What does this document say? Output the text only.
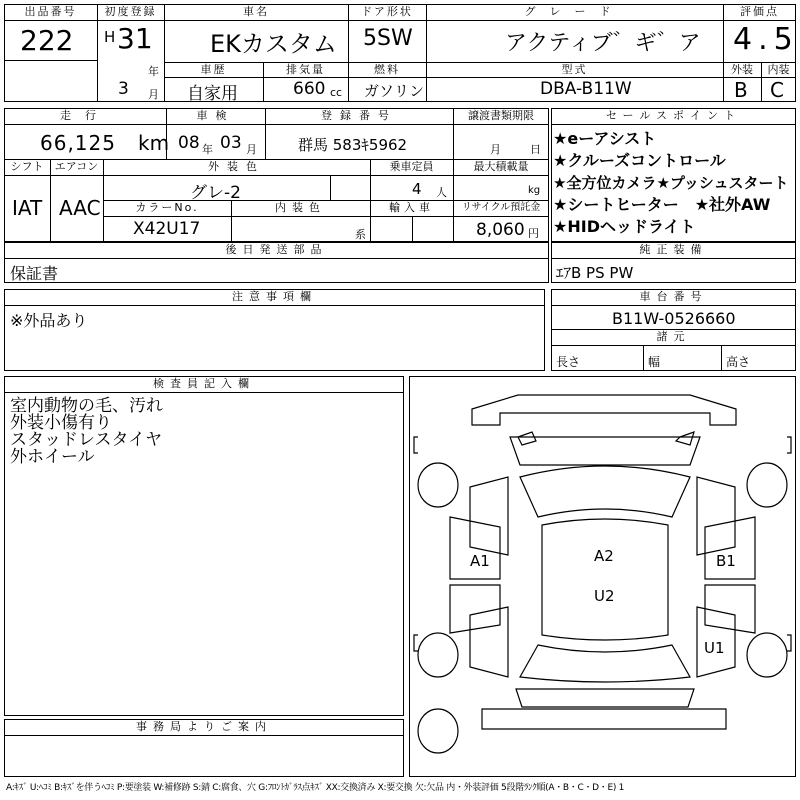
出品番号
222
初度登録
H 31
年
3 月
車名
EKカスタム
ドア形状
5SW
グレード
アクティブ゛ギ゛ア
評価点
4.5
外装	内装
B C
車歴
自家用
排気量
660 cc
燃料
ガソリン
型式
DBA-B11W
走行
66,125 km
車検
08 年 03 月
登録番号
群馬 583ｷ5962
譲渡書類期限
月	日
シフト
IAT
エアコン
AAC
外装色
グレ-2
乗車定員
4 人
最大積載量
kg
カラーNo.
X42U17
内装色
系
輸入車	リサイクル預託金
8,060 円
セールスポイント
★eーアシスト
★クルーズコントロール
★全方位カメラ★プッシュスタート
★シートヒーター　★社外AW
★HIDヘッドライト
後日発送部品
保証書
純正装備
ｴｱB PS PW
注意事項欄
※外品あり
車台番号
B11W-0526660
諸元
長さ	幅	高さ
検査員記入欄
室内動物の毛、汚れ
外装小傷有り
スタッドレスタイヤ
外ホイール
事務局よりご案内
A1	A2	B1
U2
U1
A:ｷｽﾞ U:ﾍｺﾐ B:ｷｽﾞを伴うﾍｺﾐ P:要塗装 W:補修跡 S:錆 C:腐食、穴 G:ﾌﾛﾝﾄｶﾞﾗｽ点ｷｽﾞ XX:交換済み X:要交換 欠:欠品 内・外装評価 5段階ﾗﾝｸ順(A・B・C・D・E) 1
